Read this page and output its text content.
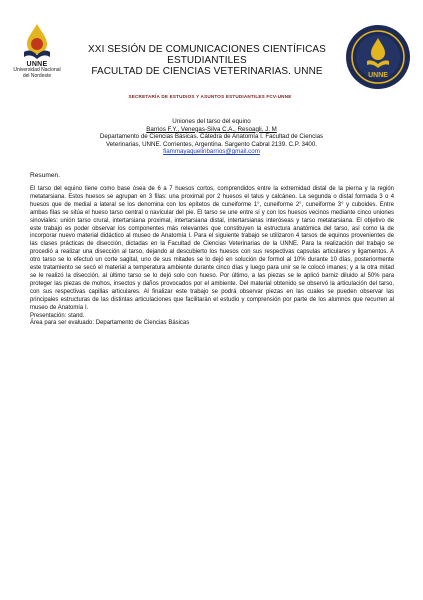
UNNE
Universidad Nacional
del Nordeste
XXI SESIÓN DE COMUNICACIONES CIENTÍFICAS
ESTUDIANTILES
FACULTAD DE CIENCIAS VETERINARIAS. UNNE	UNNE
SECRETARÍA DE ESTUDIOS Y ASUNTOS ESTUDIANTILES FCV-UNNE
Uniones del tarso del equino
Barrios F.Y., Venegas-Silva C.A., Resoagli, J. M
Departamento de Ciencias Básicas. Cátedra de Anatomía I. Facultad de Ciencias
Veterinarias, UNNE. Corrientes, Argentina. Sargento Cabral 2139. C.P. 3400.
fiammayaquelinbarrios@gmail.com
Resumen.

El tarso del equino tiene como base ósea de 6 a 7 huesos cortos, comprendidos entre la extremidad distal de la pierna y la región metatarsiana. Estos huesos se agrupan en 3 filas: una proximal por 2 huesos el talus y calcáneo. La segunda o distal formada 3 o 4 huesos que de medial a lateral se los denomina con los epítetos de cuneiforme 1°, cuneiforme 2°, cuneiforme 3° y cuboides. Entre ambas filas se sitúa el hueso tarso central o navicular del pie. El tarso se une entre sí y con los huesos vecinos mediante cinco uniones sinoviales: unión tarso crural, intertarsiana proximal, intertarsiana distal, intertarsianas interóseas y tarso metatarsiana. El objetivo de este trabajo es poder observar los componentes más relevantes que constituyen la estructura anatómica del tarso, así como la de incorporar nuevo material didáctico al museo de Anatomía I. Para el siguiente trabajo se utilizaron 4 tarsos de equinos provenientes de las clases prácticas de disección, dictadas en la Facultad de Ciencias Veterinarias de la UNNE. Para la realización del trabajo se procedió a realizar una disección al tarso, dejando al descubierto los huesos con sus respectivas capsulas articulares y ligamentos. A otro tarso se lo efectuó un corte sagital, uno de sus mitades se lo dejó en solución de formol al 10% durante 10 días, posteriormente este tratamiento se secó el material a temperatura ambiente durante cinco días y luego para unir se le colocó imanes; y a la otra mitad se le realizó la disección, al último tarso se lo dejó solo con hueso. Por último, a las piezas se le aplicó barniz diluido al 50% para proteger las piezas de mohos, insectos y daños provocados por el ambiente. Del material obtenido se observó la articulación del tarso, con sus respectivas capillas articulares. Al finalizar este trabajo se podrá observar piezas en las cuales se pueden observar las principales estructuras de las distintas articulaciones que facilitarán el estudio y comprensión por parte de los alumnos que recurren al museo de Anatomía I.

Presentación: stand.

Área para ser evaluado: Departamento de Ciencias Básicas
